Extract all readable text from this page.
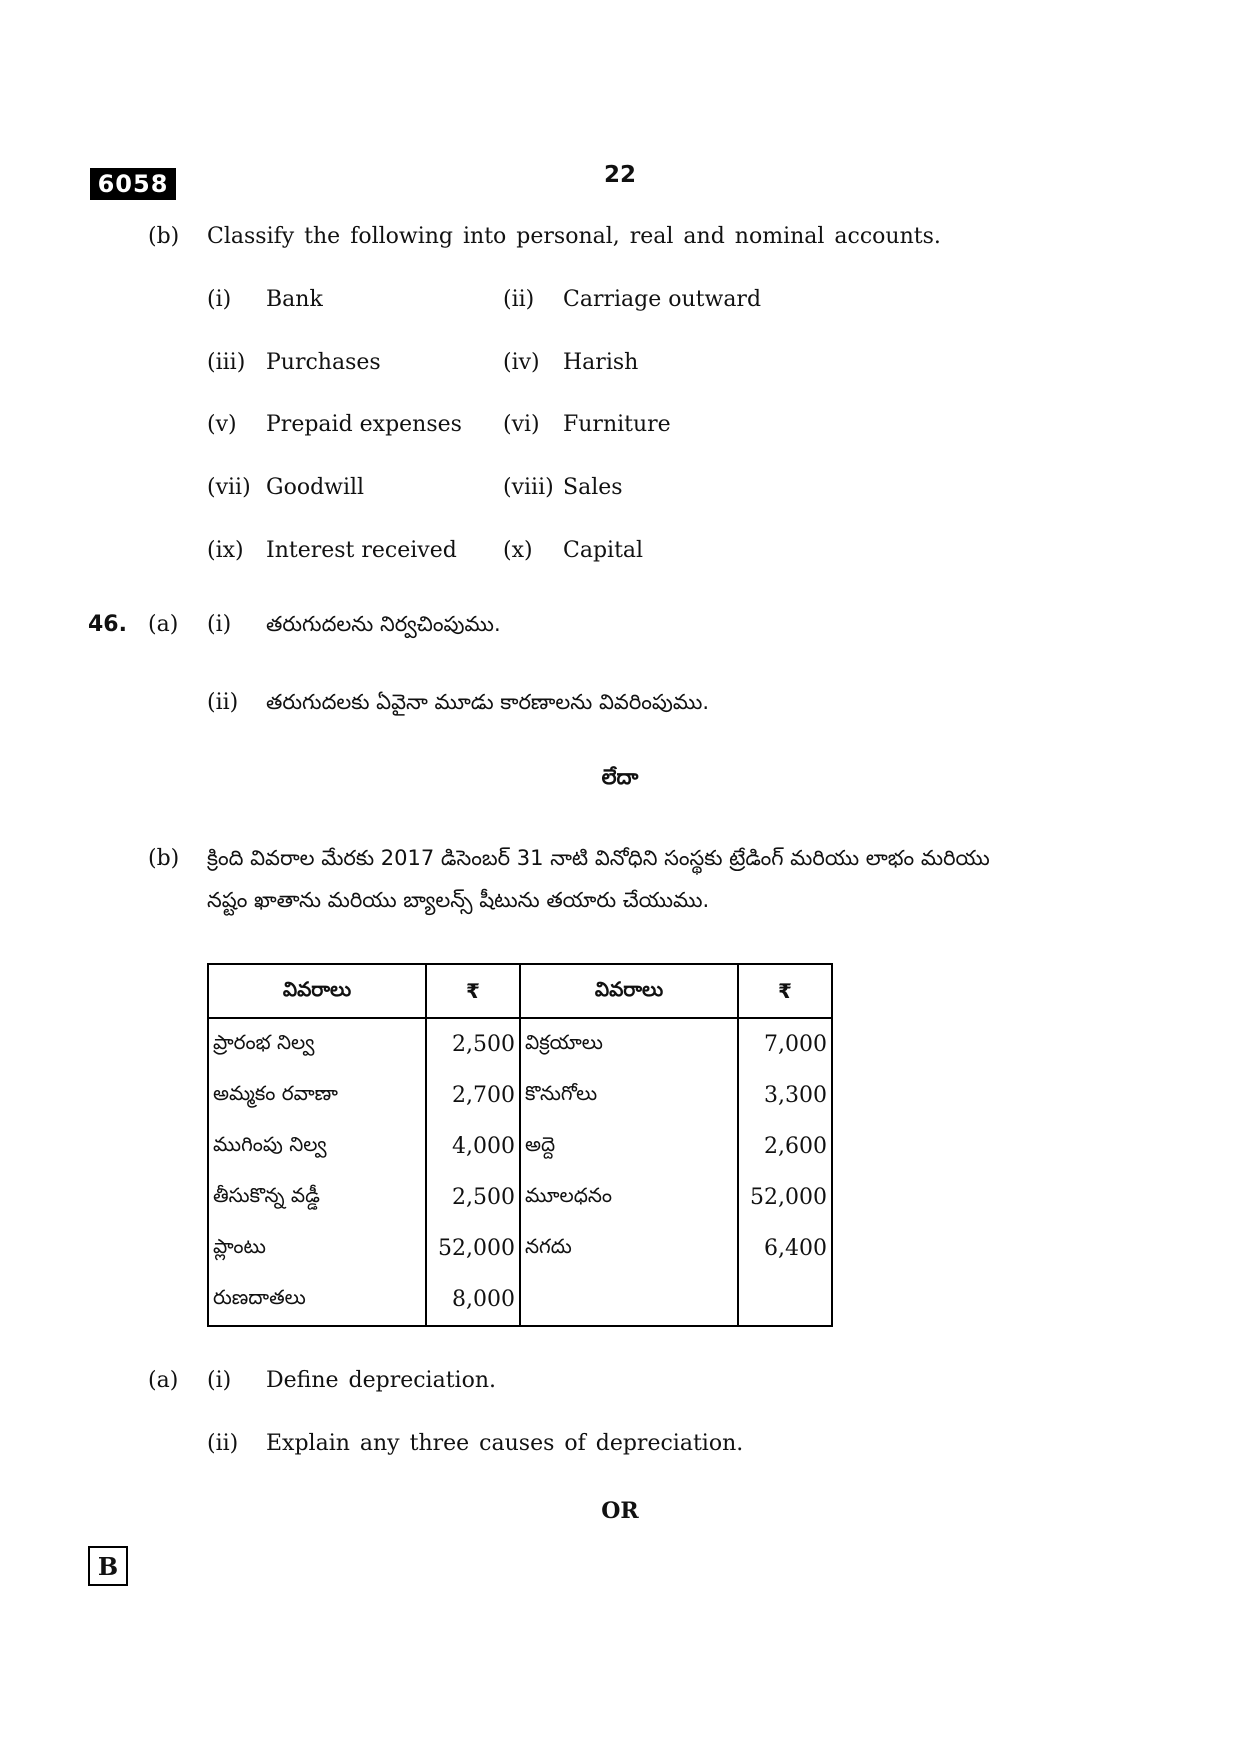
6058	22
(b) Classify the following into personal, real and nominal accounts.
(i) Bank	(ii) Carriage outward
(iii) Purchases	(iv) Harish
(v) Prepaid expenses (vi) Furniture
(vii) Goodwill	(viii) Sales
(ix) Interest received (x) Capital
46. (a) (i) తరుగుదలను నిర్వచింపుము.
(ii) తరుగుదలకు ఏవైనా మూడు కారణాలను వివరింపుము.
లేదా
(b) క్రింది వివరాల మేరకు 2017 డిసెంబర్ 31 నాటి వినోధిని సంస్థకు ట్రేడింగ్ మరియు లాభం మరియు
నష్టం ఖాతాను మరియు బ్యాలన్స్ షీటును తయారు చేయుము.
వివరాలు	₹	వివరాలు	₹
ప్రారంభ నిల్వ	2,500	విక్రయాలు	7,000
అమ్మకం రవాణా	2,700	కొనుగోలు	3,300
ముగింపు నిల్వ	4,000	అద్దె	2,600
తీసుకొన్న వడ్డీ	2,500	మూలధనం	52,000
ప్లాంటు	52,000	నగదు	6,400
రుణదాతలు	8,000		
(a) (i) Define depreciation.
(ii) Explain any three causes of depreciation.
OR
B
